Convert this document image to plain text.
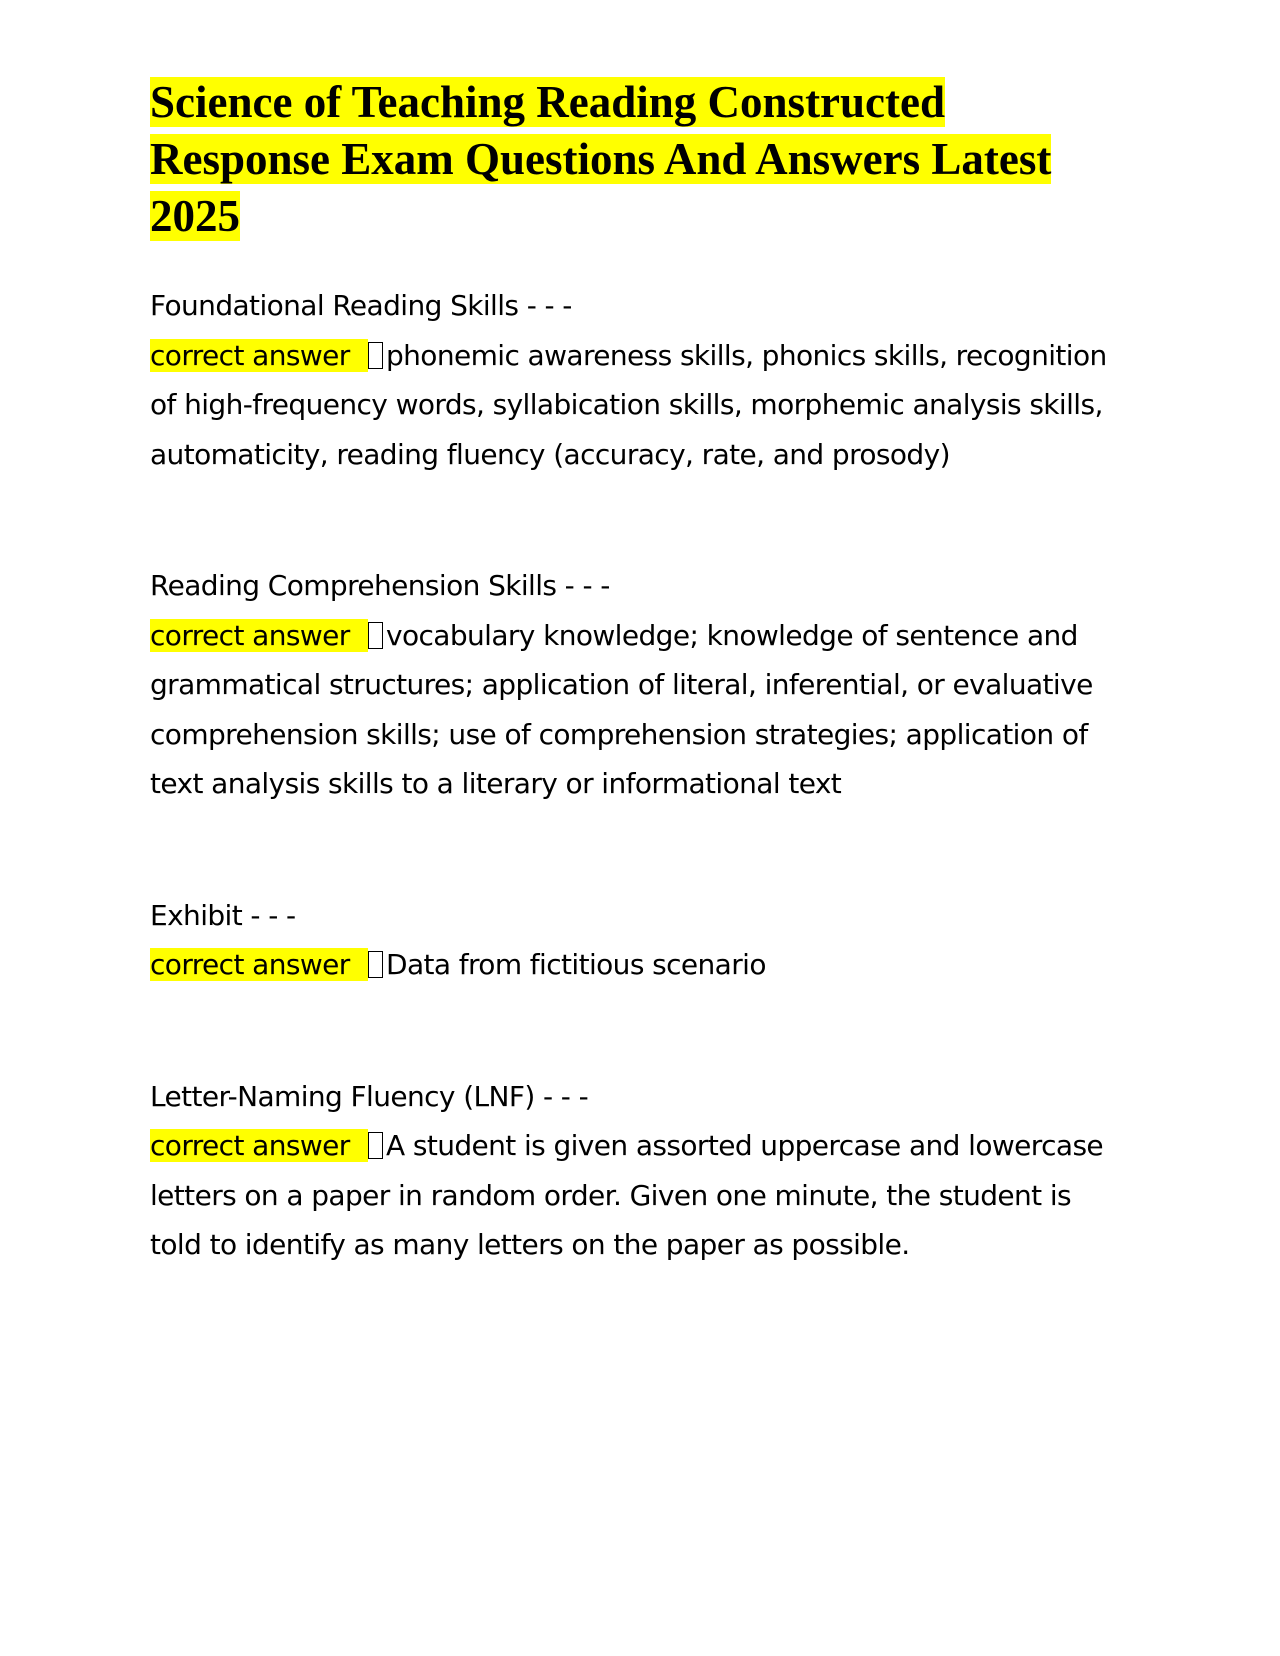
Science of Teaching Reading Constructed Response Exam Questions And Answers Latest 2025
Foundational Reading Skills - - -
correct answer phonemic awareness skills, phonics skills, recognition of high-frequency words, syllabication skills, morphemic analysis skills, automaticity, reading fluency (accuracy, rate, and prosody)
Reading Comprehension Skills - - -
correct answer vocabulary knowledge; knowledge of sentence and grammatical structures; application of literal, inferential, or evaluative comprehension skills; use of comprehension strategies; application of text analysis skills to a literary or informational text
Exhibit - - -
correct answer Data from fictitious scenario
Letter-Naming Fluency (LNF) - - -
correct answer A student is given assorted uppercase and lowercase letters on a paper in random order. Given one minute, the student is told to identify as many letters on the paper as possible.
